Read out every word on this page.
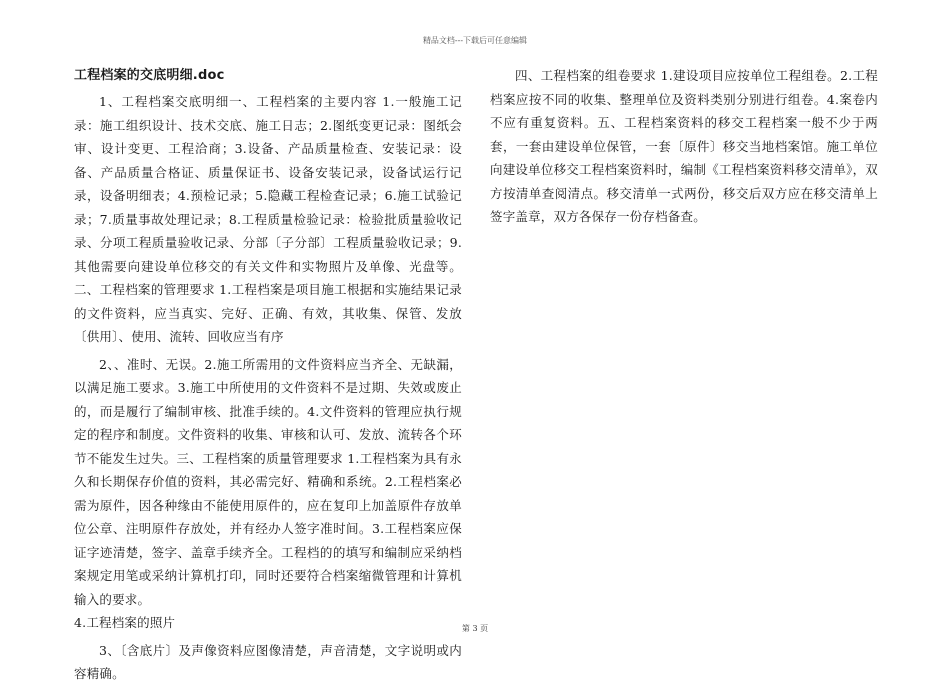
精品文档---下载后可任意编辑
工程档案的交底明细.doc

1、工程档案交底明细一、工程档案的主要内容 1.一般施工记录：施工组织设计、技术交底、施工日志；2.图纸变更记录：图纸会审、设计变更、工程洽商；3.设备、产品质量检查、安装记录：设备、产品质量合格证、质量保证书、设备安装记录，设备试运行记录，设备明细表；4.预检记录；5.隐藏工程检查记录；6.施工试验记录；7.质量事故处理记录；8.工程质量检验记录：检验批质量验收记录、分项工程质量验收记录、分部〔子分部〕工程质量验收记录；9.其他需要向建设单位移交的有关文件和实物照片及单像、光盘等。二、工程档案的管理要求 1.工程档案是项目施工根据和实施结果记录的文件资料，应当真实、完好、正确、有效，其收集、保管、发放〔供用〕、使用、流转、回收应当有序

2、、准时、无误。2.施工所需用的文件资料应当齐全、无缺漏，以满足施工要求。3.施工中所使用的文件资料不是过期、失效或废止的，而是履行了编制审核、批准手续的。4.文件资料的管理应执行规定的程序和制度。文件资料的收集、审核和认可、发放、流转各个环节不能发生过失。三、工程档案的质量管理要求 1.工程档案为具有永久和长期保存价值的资料，其必需完好、精确和系统。2.工程档案必需为原件，因各种缘由不能使用原件的，应在复印上加盖原件存放单位公章、注明原件存放处，并有经办人签字准时间。3.工程档案应保证字迹清楚，签字、盖章手续齐全。工程档的的填写和编制应采纳档案规定用笔或采纳计算机打印，同时还要符合档案缩微管理和计算机输入的要求。

4.工程档案的照片

3、〔含底片〕及声像资料应图像清楚，声音清楚，文字说明或内容精确。

四、工程档案的组卷要求 1.建设项目应按单位工程组卷。2.工程档案应按不同的收集、整理单位及资料类别分别进行组卷。4.案卷内不应有重复资料。五、工程档案资料的移交工程档案一般不少于两套，一套由建设单位保管，一套〔原件〕移交当地档案馆。施工单位向建设单位移交工程档案资料时，编制《工程档案资料移交清单》，双方按清单查阅清点。移交清单一式两份，移交后双方应在移交清单上签字盖章，双方各保存一份存档备查。

第 3 页
